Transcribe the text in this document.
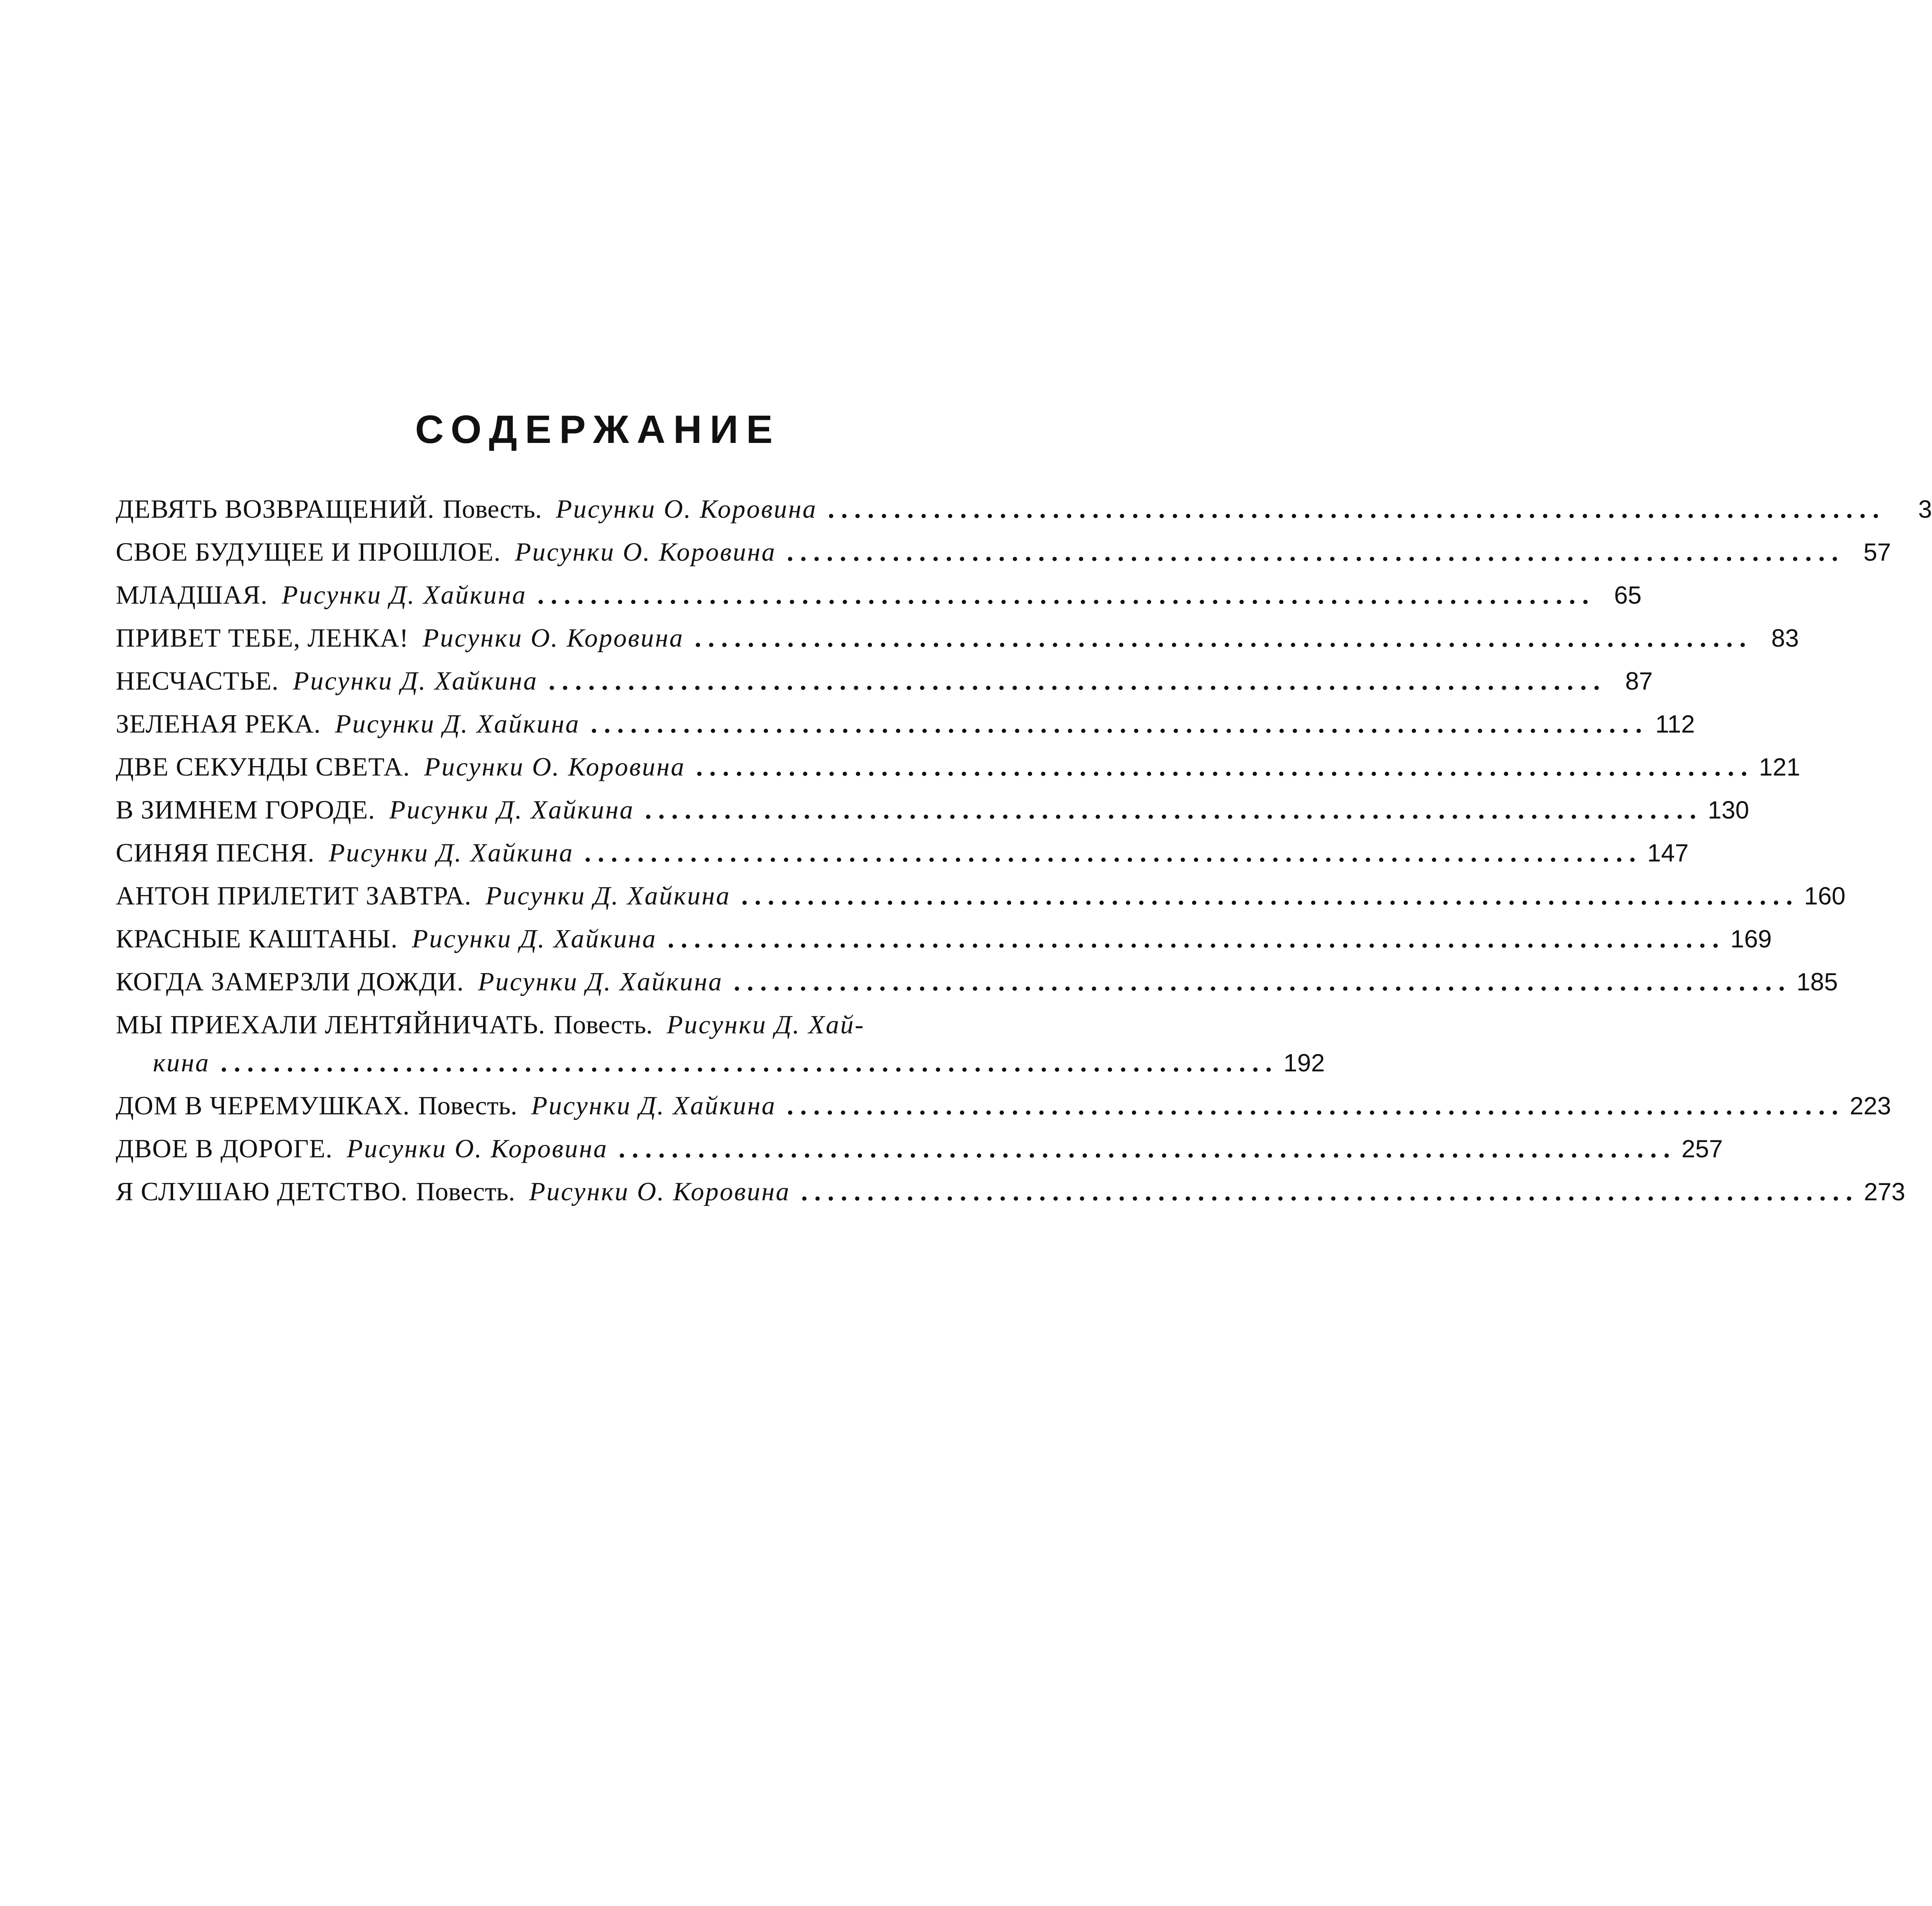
СОДЕРЖАНИЕ
ДЕВЯТЬ ВОЗВРАЩЕНИЙ. Повесть. Рисунки О. Коровина . . . . . . . . . . . . . . . . . . . . . . . . . . . . . . . . . . . . . . . . . . . . . . . . . . . . . . . . . . . . . . . . . . . . . . . . . . . . . . . .	3
СВОЕ БУДУЩЕЕ И ПРОШЛОЕ. Рисунки О. Коровина . . . . . . . . . . . . . . . . . . . . . . . . . . . . . . . . . . . . . . . . . . . . . . . . . . . . . . . . . . . . . . . . . . . . . . . . . . . . . . . .	57
МЛАДШАЯ. Рисунки Д. Хайкина . . . . . . . . . . . . . . . . . . . . . . . . . . . . . . . . . . . . . . . . . . . . . . . . . . . . . . . . . . . . . . . . . . . . . . . . . . . . . . . .	65
ПРИВЕТ ТЕБЕ, ЛЕНКА! Рисунки О. Коровина . . . . . . . . . . . . . . . . . . . . . . . . . . . . . . . . . . . . . . . . . . . . . . . . . . . . . . . . . . . . . . . . . . . . . . . . . . . . . . . .	83
НЕСЧАСТЬЕ. Рисунки Д. Хайкина . . . . . . . . . . . . . . . . . . . . . . . . . . . . . . . . . . . . . . . . . . . . . . . . . . . . . . . . . . . . . . . . . . . . . . . . . . . . . . . .	87
ЗЕЛЕНАЯ РЕКА. Рисунки Д. Хайкина . . . . . . . . . . . . . . . . . . . . . . . . . . . . . . . . . . . . . . . . . . . . . . . . . . . . . . . . . . . . . . . . . . . . . . . . . . . . . . . . 112
ДВЕ СЕКУНДЫ СВЕТА. Рисунки О. Коровина . . . . . . . . . . . . . . . . . . . . . . . . . . . . . . . . . . . . . . . . . . . . . . . . . . . . . . . . . . . . . . . . . . . . . . . . . . . . . . . . 121
В ЗИМНЕМ ГОРОДЕ. Рисунки Д. Хайкина . . . . . . . . . . . . . . . . . . . . . . . . . . . . . . . . . . . . . . . . . . . . . . . . . . . . . . . . . . . . . . . . . . . . . . . . . . . . . . . . 130
СИНЯЯ ПЕСНЯ. Рисунки Д. Хайкина . . . . . . . . . . . . . . . . . . . . . . . . . . . . . . . . . . . . . . . . . . . . . . . . . . . . . . . . . . . . . . . . . . . . . . . . . . . . . . . . 147
АНТОН ПРИЛЕТИТ ЗАВТРА. Рисунки Д. Хайкина . . . . . . . . . . . . . . . . . . . . . . . . . . . . . . . . . . . . . . . . . . . . . . . . . . . . . . . . . . . . . . . . . . . . . . . . . . . . . . . . 160
КРАСНЫЕ КАШТАНЫ. Рисунки Д. Хайкина . . . . . . . . . . . . . . . . . . . . . . . . . . . . . . . . . . . . . . . . . . . . . . . . . . . . . . . . . . . . . . . . . . . . . . . . . . . . . . . . 169
КОГДА ЗАМЕРЗЛИ ДОЖДИ. Рисунки Д. Хайкина . . . . . . . . . . . . . . . . . . . . . . . . . . . . . . . . . . . . . . . . . . . . . . . . . . . . . . . . . . . . . . . . . . . . . . . . . . . . . . . . 185
МЫ ПРИЕХАЛИ ЛЕНТЯЙНИЧАТЬ. Повесть. Рисунки Д. Хай-
кина . . . . . . . . . . . . . . . . . . . . . . . . . . . . . . . . . . . . . . . . . . . . . . . . . . . . . . . . . . . . . . . . . . . . . . . . . . . . . . . . 192
ДОМ В ЧЕРЕМУШКАХ. Повесть. Рисунки Д. Хайкина . . . . . . . . . . . . . . . . . . . . . . . . . . . . . . . . . . . . . . . . . . . . . . . . . . . . . . . . . . . . . . . . . . . . . . . . . . . . . . . . 223
ДВОЕ В ДОРОГЕ. Рисунки О. Коровина . . . . . . . . . . . . . . . . . . . . . . . . . . . . . . . . . . . . . . . . . . . . . . . . . . . . . . . . . . . . . . . . . . . . . . . . . . . . . . . . 257
Я СЛУШАЮ ДЕТСТВО. Повесть. Рисунки О. Коровина . . . . . . . . . . . . . . . . . . . . . . . . . . . . . . . . . . . . . . . . . . . . . . . . . . . . . . . . . . . . . . . . . . . . . . . . . . . . . . . . 273
